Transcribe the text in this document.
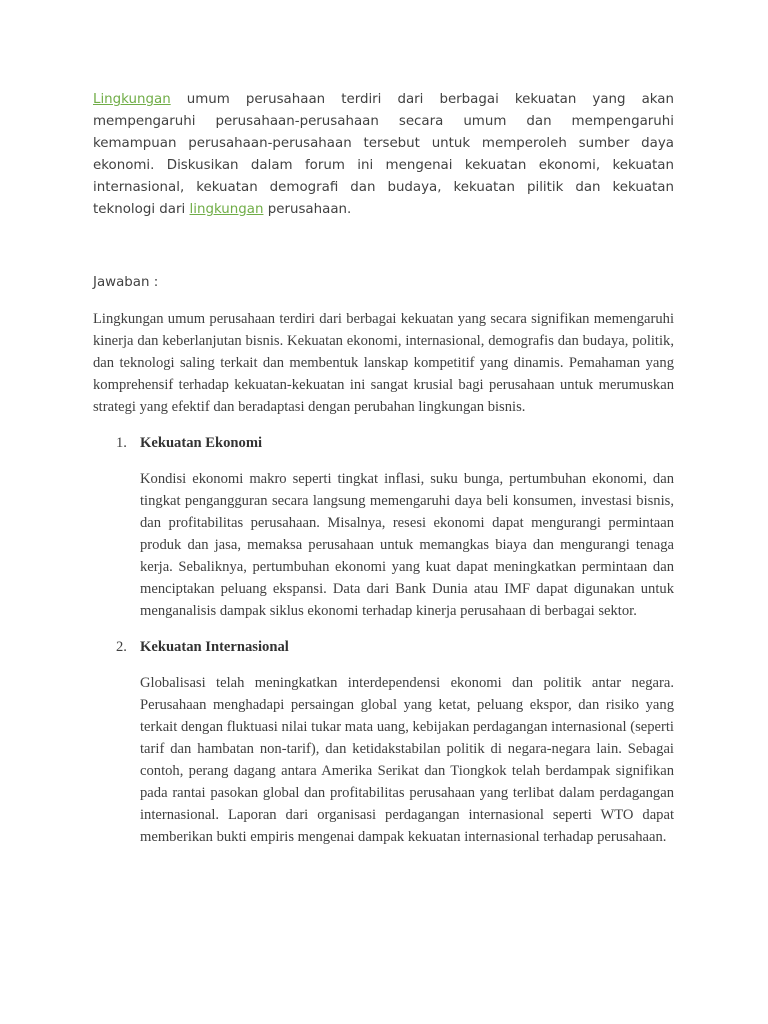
Lingkungan umum perusahaan terdiri dari berbagai kekuatan yang akan mempengaruhi perusahaan-perusahaan secara umum dan mempengaruhi kemampuan perusahaan-perusahaan tersebut untuk memperoleh sumber daya ekonomi. Diskusikan dalam forum ini mengenai kekuatan ekonomi, kekuatan internasional, kekuatan demografi dan budaya, kekuatan pilitik dan kekuatan teknologi dari lingkungan perusahaan.

Jawaban :

Lingkungan umum perusahaan terdiri dari berbagai kekuatan yang secara signifikan memengaruhi kinerja dan keberlanjutan bisnis. Kekuatan ekonomi, internasional, demografis dan budaya, politik, dan teknologi saling terkait dan membentuk lanskap kompetitif yang dinamis. Pemahaman yang komprehensif terhadap kekuatan-kekuatan ini sangat krusial bagi perusahaan untuk merumuskan strategi yang efektif dan beradaptasi dengan perubahan lingkungan bisnis.

1. Kekuatan Ekonomi

Kondisi ekonomi makro seperti tingkat inflasi, suku bunga, pertumbuhan ekonomi, dan tingkat pengangguran secara langsung memengaruhi daya beli konsumen, investasi bisnis, dan profitabilitas perusahaan. Misalnya, resesi ekonomi dapat mengurangi permintaan produk dan jasa, memaksa perusahaan untuk memangkas biaya dan mengurangi tenaga kerja. Sebaliknya, pertumbuhan ekonomi yang kuat dapat meningkatkan permintaan dan menciptakan peluang ekspansi. Data dari Bank Dunia atau IMF dapat digunakan untuk menganalisis dampak siklus ekonomi terhadap kinerja perusahaan di berbagai sektor.

2. Kekuatan Internasional

Globalisasi telah meningkatkan interdependensi ekonomi dan politik antar negara. Perusahaan menghadapi persaingan global yang ketat, peluang ekspor, dan risiko yang terkait dengan fluktuasi nilai tukar mata uang, kebijakan perdagangan internasional (seperti tarif dan hambatan non-tarif), dan ketidakstabilan politik di negara-negara lain. Sebagai contoh, perang dagang antara Amerika Serikat dan Tiongkok telah berdampak signifikan pada rantai pasokan global dan profitabilitas perusahaan yang terlibat dalam perdagangan internasional. Laporan dari organisasi perdagangan internasional seperti WTO dapat memberikan bukti empiris mengenai dampak kekuatan internasional terhadap perusahaan.
